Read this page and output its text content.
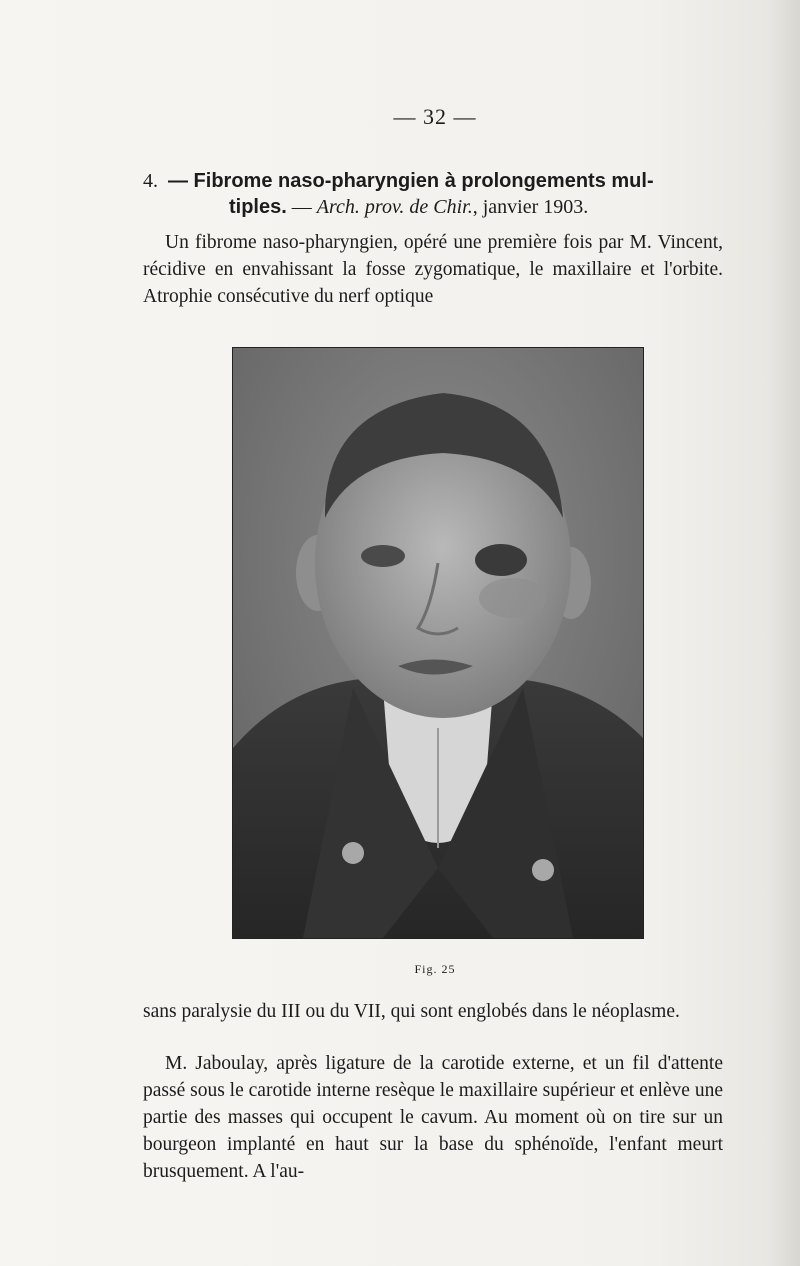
— 32 —
4. — Fibrome naso-pharyngien à prolongements mul-
tiples. — Arch. prov. de Chir., janvier 1903.
Un fibrome naso-pharyngien, opéré une première fois par M. Vincent, récidive en envahissant la fosse zygomatique, le maxillaire et l'orbite. Atrophie consécutive du nerf optique
Fig. 25
sans paralysie du III ou du VII, qui sont englobés dans le néoplasme.
M. Jaboulay, après ligature de la carotide externe, et un fil d'attente passé sous le carotide interne resèque le maxillaire supérieur et enlève une partie des masses qui occupent le cavum. Au moment où on tire sur un bourgeon implanté en haut sur la base du sphénoïde, l'enfant meurt brusquement. A l'au-
